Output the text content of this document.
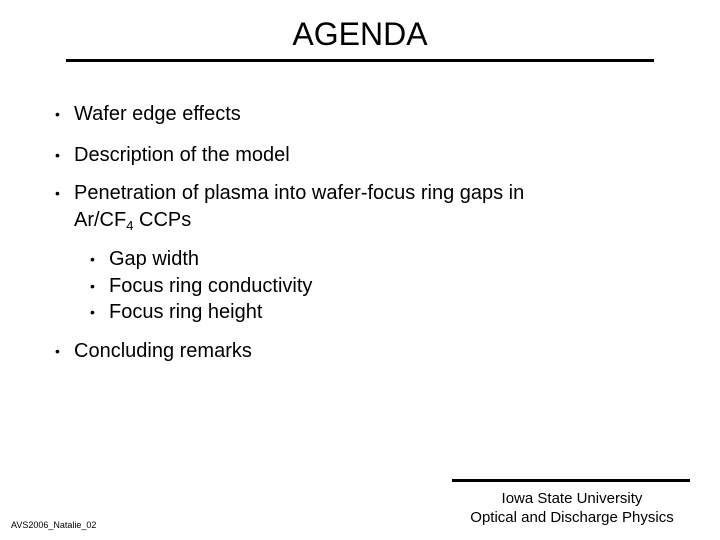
AGENDA
• Wafer edge effects
• Description of the model
• Penetration of plasma into wafer-focus ring gaps in
$Ar/CF_4$ CCPs
• Gap width
• Focus ring conductivity
• Focus ring height
• Concluding remarks
AVS2006_Natalie_02
Iowa State University
Optical and Discharge Physics
